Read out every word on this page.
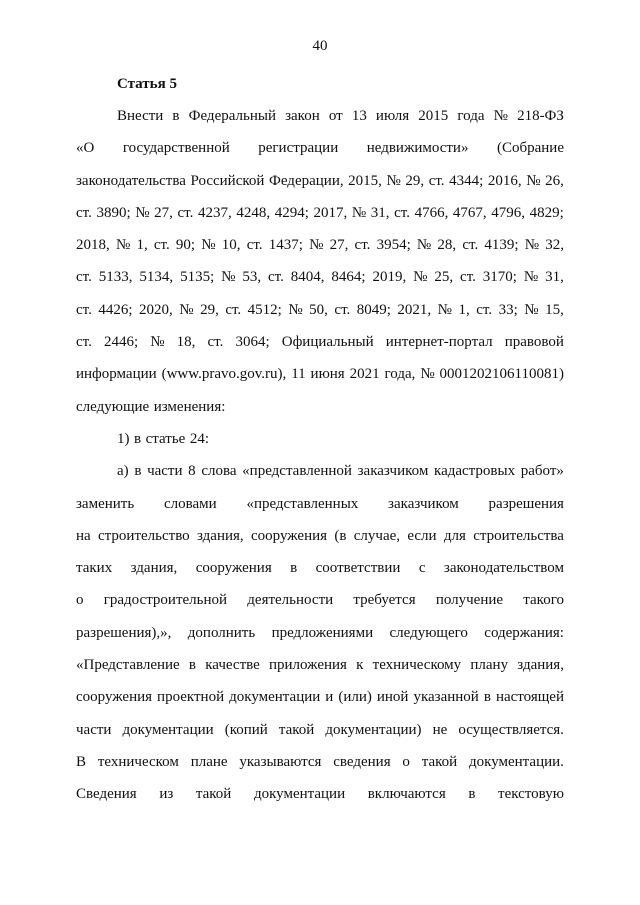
40
Статья 5
Внести в Федеральный закон от 13 июля 2015 года № 218-ФЗ
«О государственной регистрации недвижимости» (Собрание
законодательства Российской Федерации, 2015, № 29, ст. 4344; 2016, № 26,
ст. 3890; № 27, ст. 4237, 4248, 4294; 2017, № 31, ст. 4766, 4767, 4796, 4829;
2018, № 1, ст. 90; № 10, ст. 1437; № 27, ст. 3954; № 28, ст. 4139; № 32,
ст. 5133, 5134, 5135; № 53, ст. 8404, 8464; 2019, № 25, ст. 3170; № 31,
ст. 4426; 2020, № 29, ст. 4512; № 50, ст. 8049; 2021, № 1, ст. 33; № 15,
ст. 2446; № 18, ст. 3064; Официальный интернет-портал правовой
информации (www.pravo.gov.ru), 11 июня 2021 года, № 0001202106110081)
следующие изменения:
1) в статье 24:
а) в части 8 слова «представленной заказчиком кадастровых работ»
заменить словами «представленных заказчиком разрешения
на строительство здания, сооружения (в случае, если для строительства
таких здания, сооружения в соответствии с законодательством
о градостроительной деятельности требуется получение такого
разрешения),», дополнить предложениями следующего содержания:
«Представление в качестве приложения к техническому плану здания,
сооружения проектной документации и (или) иной указанной в настоящей
части документации (копий такой документации) не осуществляется.
В техническом плане указываются сведения о такой документации.
Сведения из такой документации включаются в текстовую
